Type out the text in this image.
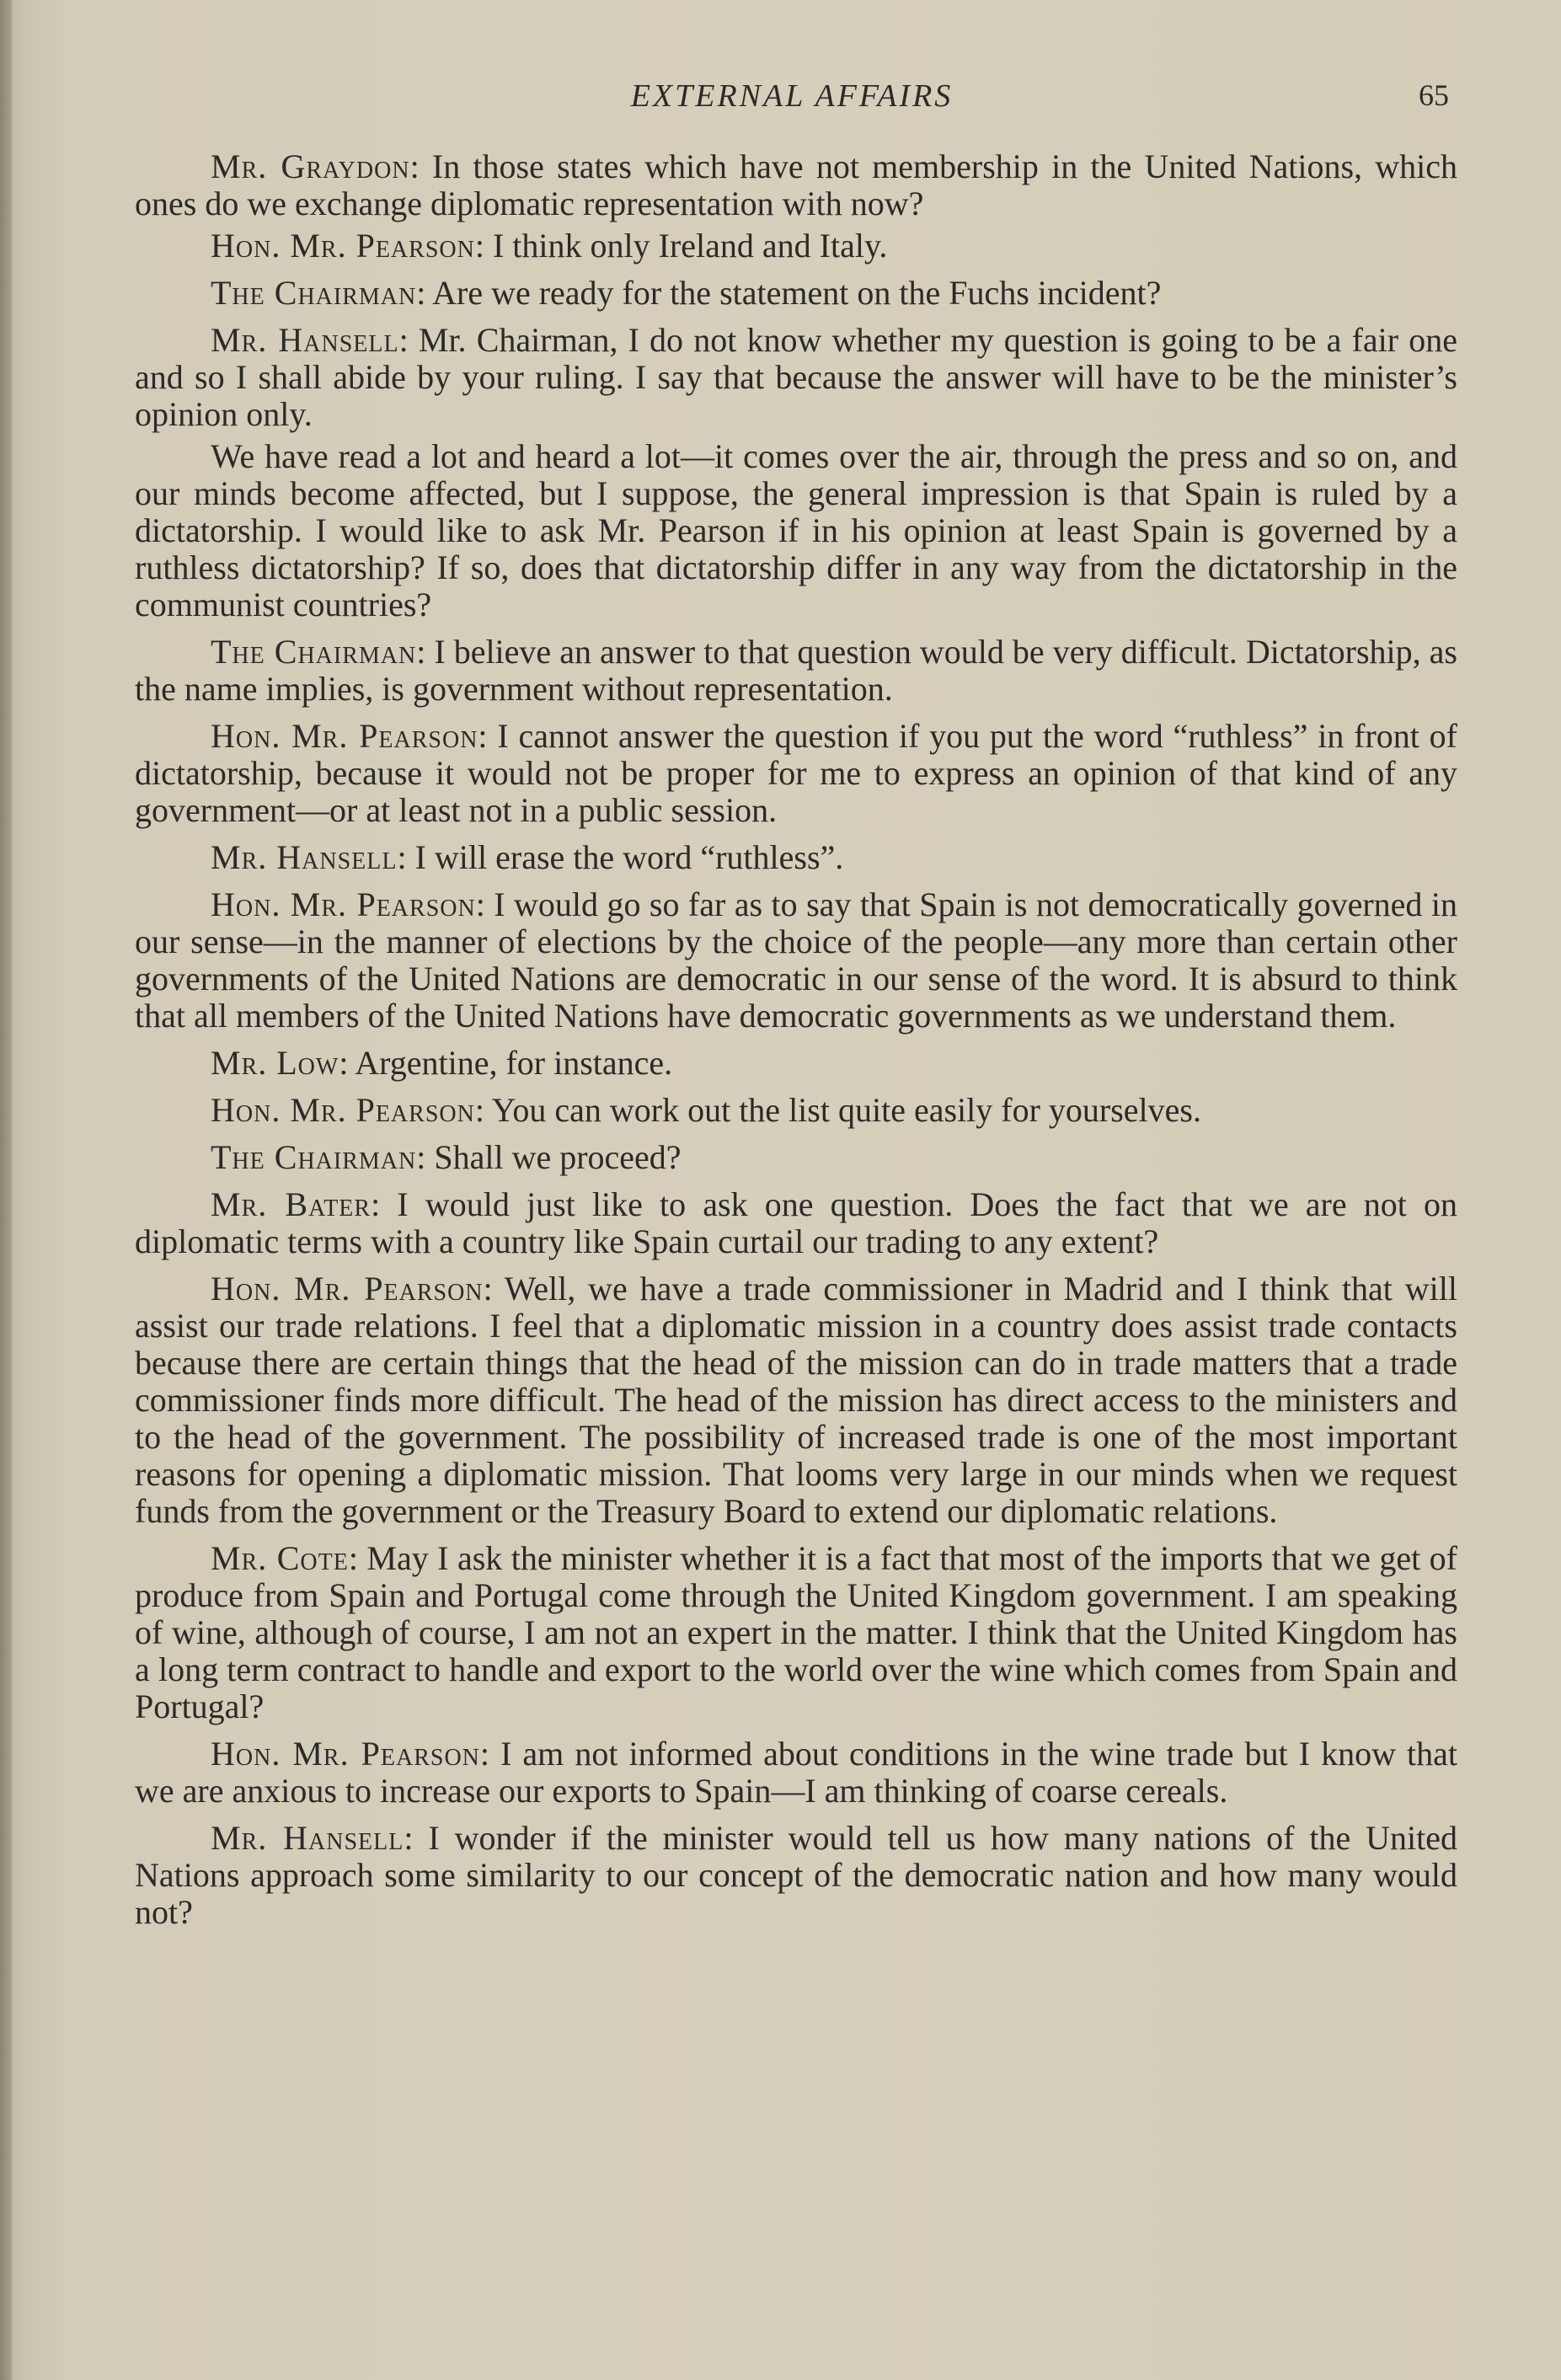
EXTERNAL AFFAIRS	65

Mr. Graydon: In those states which have not membership in the United Nations, which ones do we exchange diplomatic representation with now?

Hon. Mr. Pearson: I think only Ireland and Italy.

The Chairman: Are we ready for the statement on the Fuchs incident?

Mr. Hansell: Mr. Chairman, I do not know whether my question is going to be a fair one and so I shall abide by your ruling. I say that because the answer will have to be the minister’s opinion only.

We have read a lot and heard a lot—it comes over the air, through the press and so on, and our minds become affected, but I suppose, the general impression is that Spain is ruled by a dictatorship. I would like to ask Mr. Pearson if in his opinion at least Spain is governed by a ruthless dictatorship? If so, does that dictatorship differ in any way from the dictatorship in the communist countries?

The Chairman: I believe an answer to that question would be very difficult. Dictatorship, as the name implies, is government without representation.

Hon. Mr. Pearson: I cannot answer the question if you put the word “ruthless” in front of dictatorship, because it would not be proper for me to express an opinion of that kind of any government—or at least not in a public session.

Mr. Hansell: I will erase the word “ruthless”.

Hon. Mr. Pearson: I would go so far as to say that Spain is not democratically governed in our sense—in the manner of elections by the choice of the people—any more than certain other governments of the United Nations are democratic in our sense of the word. It is absurd to think that all members of the United Nations have democratic governments as we understand them.

Mr. Low: Argentine, for instance.

Hon. Mr. Pearson: You can work out the list quite easily for yourselves.

The Chairman: Shall we proceed?

Mr. Bater: I would just like to ask one question. Does the fact that we are not on diplomatic terms with a country like Spain curtail our trading to any extent?

Hon. Mr. Pearson: Well, we have a trade commissioner in Madrid and I think that will assist our trade relations. I feel that a diplomatic mission in a country does assist trade contacts because there are certain things that the head of the mission can do in trade matters that a trade commissioner finds more difficult. The head of the mission has direct access to the ministers and to the head of the government. The possibility of increased trade is one of the most important reasons for opening a diplomatic mission. That looms very large in our minds when we request funds from the government or the Treasury Board to extend our diplomatic relations.

Mr. Cote: May I ask the minister whether it is a fact that most of the imports that we get of produce from Spain and Portugal come through the United Kingdom government. I am speaking of wine, although of course, I am not an expert in the matter. I think that the United Kingdom has a long term contract to handle and export to the world over the wine which comes from Spain and Portugal?

Hon. Mr. Pearson: I am not informed about conditions in the wine trade but I know that we are anxious to increase our exports to Spain—I am thinking of coarse cereals.

Mr. Hansell: I wonder if the minister would tell us how many nations of the United Nations approach some similarity to our concept of the democratic nation and how many would not?
